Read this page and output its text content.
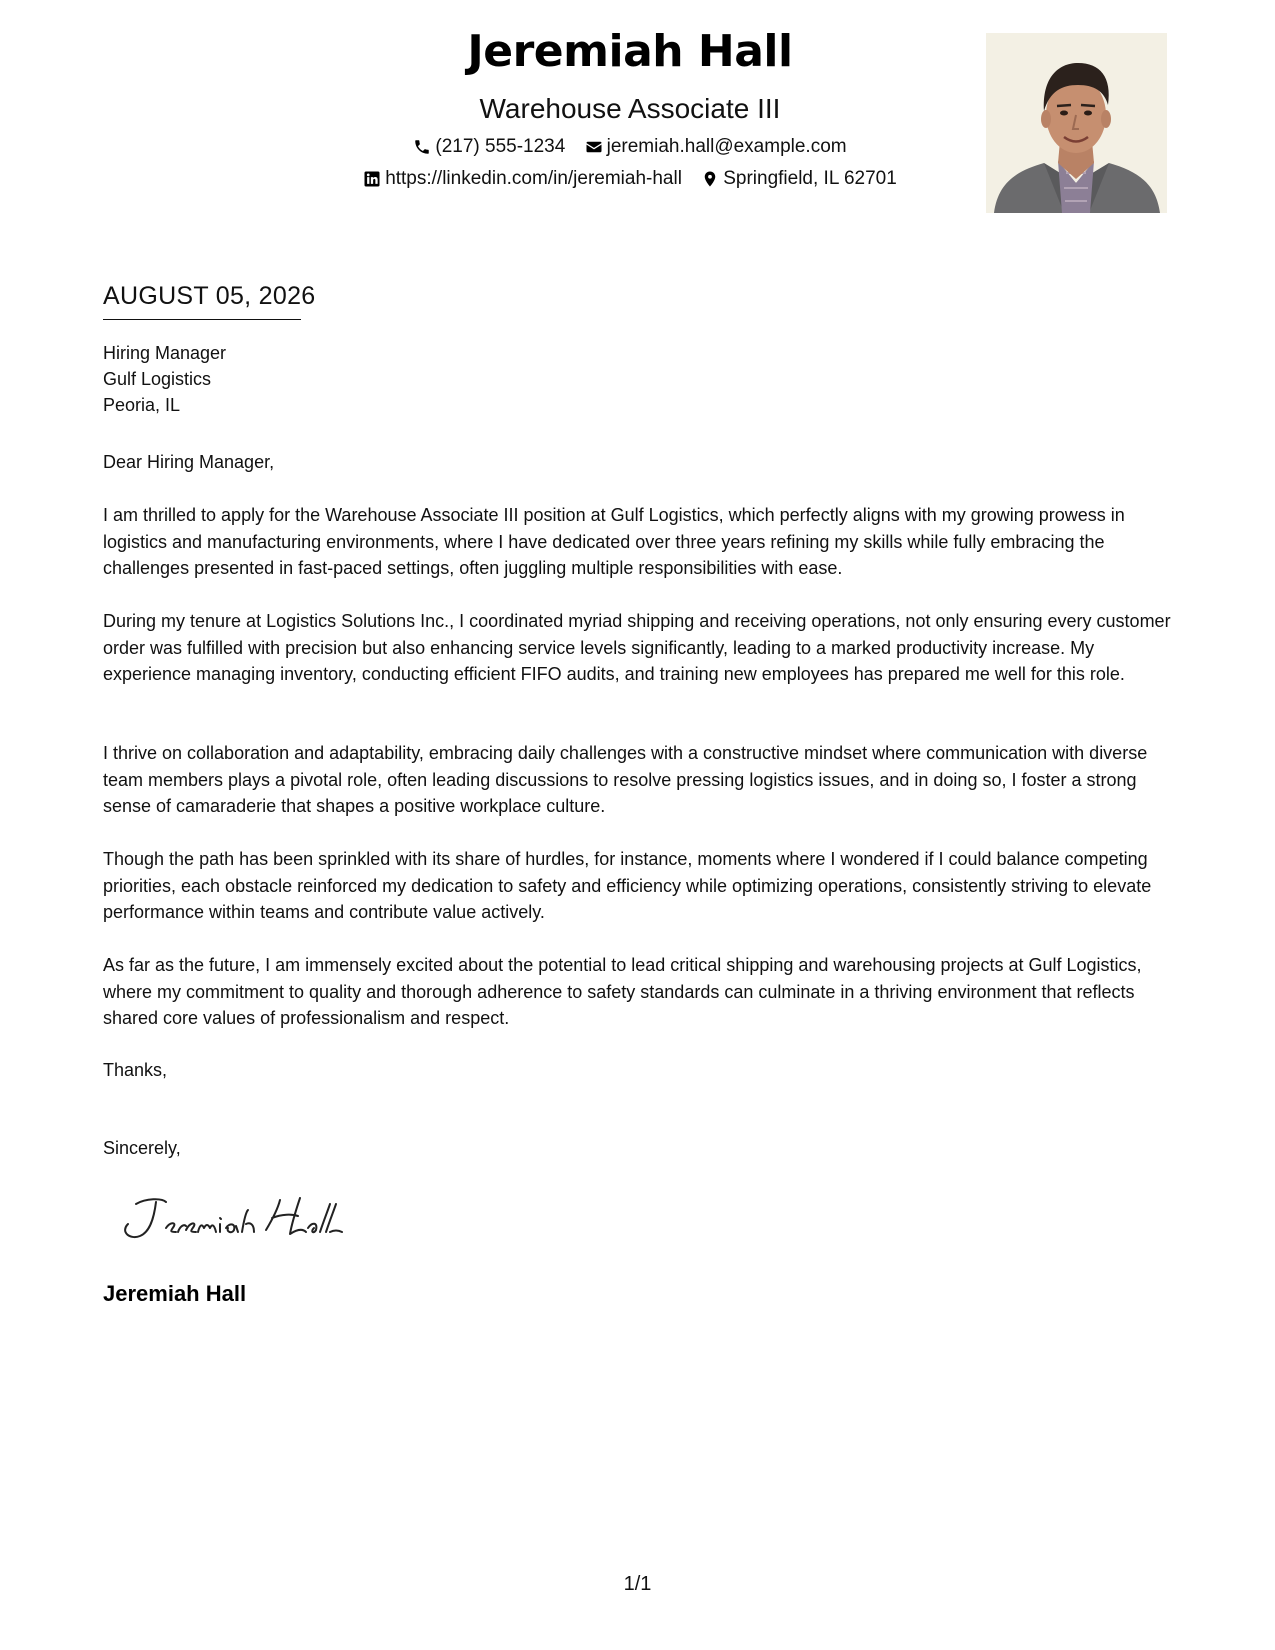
Jeremiah Hall
Warehouse Associate III
(217) 555-1234
jeremiah.hall@example.com
https://linkedin.com/in/jeremiah-hall
Springfield, IL 62701
AUGUST 05, 2026
Hiring Manager
Gulf Logistics
Peoria, IL
Dear Hiring Manager,

I am thrilled to apply for the Warehouse Associate III position at Gulf Logistics, which perfectly aligns with my growing prowess in logistics and manufacturing environments, where I have dedicated over three years refining my skills while fully embracing the challenges presented in fast-paced settings, often juggling multiple responsibilities with ease.

During my tenure at Logistics Solutions Inc., I coordinated myriad shipping and receiving operations, not only ensuring every customer order was fulfilled with precision but also enhancing service levels significantly, leading to a marked productivity increase. My experience managing inventory, conducting efficient FIFO audits, and training new employees has prepared me well for this role.

I thrive on collaboration and adaptability, embracing daily challenges with a constructive mindset where communication with diverse team members plays a pivotal role, often leading discussions to resolve pressing logistics issues, and in doing so, I foster a strong sense of camaraderie that shapes a positive workplace culture.

Though the path has been sprinkled with its share of hurdles, for instance, moments where I wondered if I could balance competing priorities, each obstacle reinforced my dedication to safety and efficiency while optimizing operations, consistently striving to elevate performance within teams and contribute value actively.

As far as the future, I am immensely excited about the potential to lead critical shipping and warehousing projects at Gulf Logistics, where my commitment to quality and thorough adherence to safety standards can culminate in a thriving environment that reflects shared core values of professionalism and respect.

Thanks,
Sincerely,
Jeremiah Hall
1/1
